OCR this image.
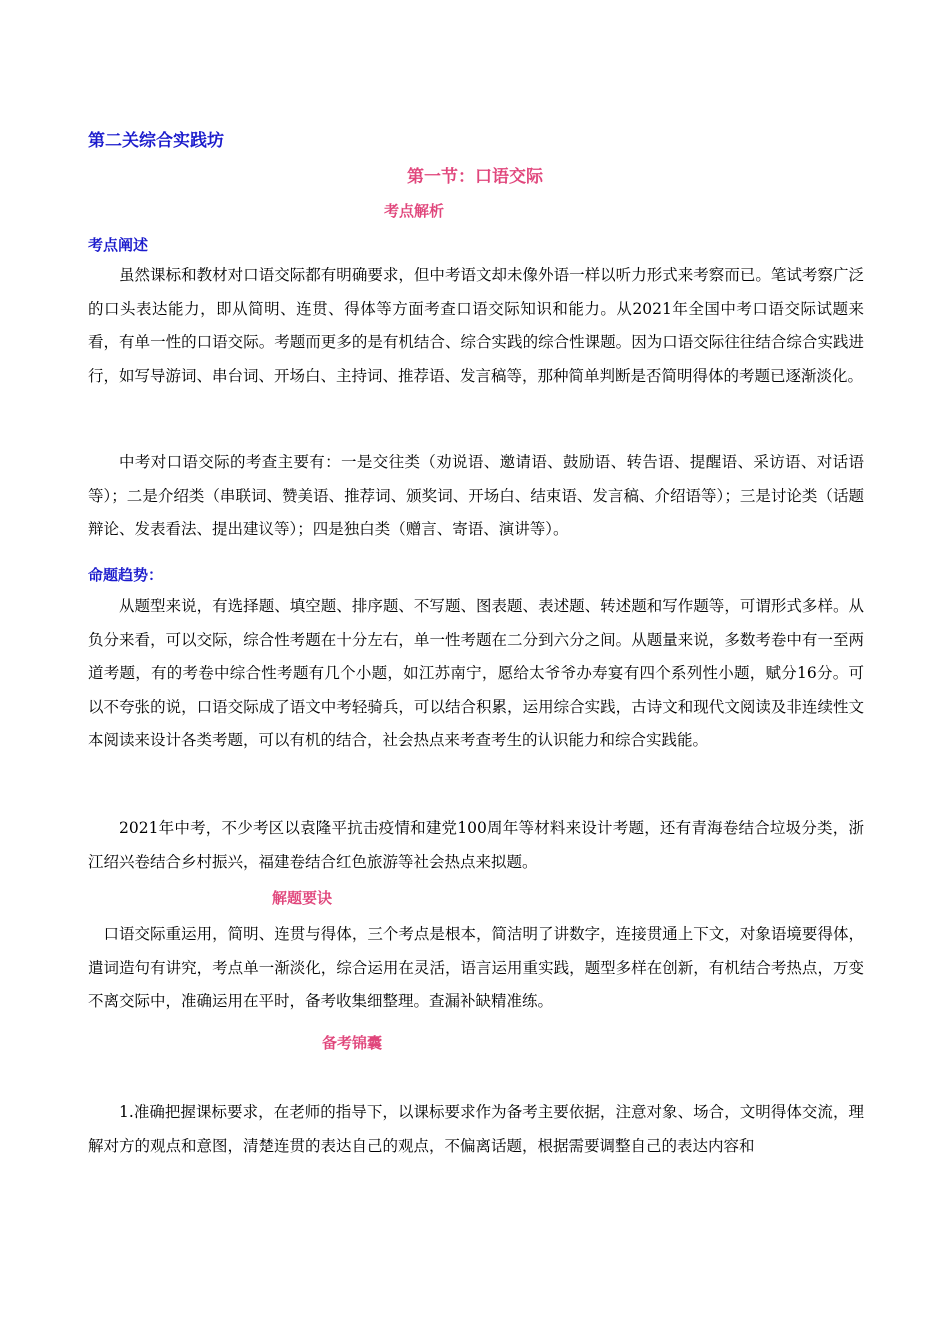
第二关综合实践坊
第一节：口语交际
考点解析
考点阐述

虽然课标和教材对口语交际都有明确要求，但中考语文却未像外语一样以听力形式来考察而已。笔试考察广泛的口头表达能力，即从简明、连贯、得体等方面考查口语交际知识和能力。从2021年全国中考口语交际试题来看，有单一性的口语交际。考题而更多的是有机结合、综合实践的综合性课题。因为口语交际往往结合综合实践进行，如写导游词、串台词、开场白、主持词、推荐语、发言稿等，那种简单判断是否简明得体的考题已逐渐淡化。

中考对口语交际的考查主要有：一是交往类（劝说语、邀请语、鼓励语、转告语、提醒语、采访语、对话语等）；二是介绍类（串联词、赞美语、推荐词、颁奖词、开场白、结束语、发言稿、介绍语等）；三是讨论类（话题辩论、发表看法、提出建议等）；四是独白类（赠言、寄语、演讲等）。

命题趋势：

从题型来说，有选择题、填空题、排序题、不写题、图表题、表述题、转述题和写作题等，可谓形式多样。从负分来看，可以交际，综合性考题在十分左右，单一性考题在二分到六分之间。从题量来说，多数考卷中有一至两道考题，有的考卷中综合性考题有几个小题，如江苏南宁，愿给太爷爷办寿宴有四个系列性小题，赋分16分。可以不夸张的说，口语交际成了语文中考轻骑兵，可以结合积累，运用综合实践，古诗文和现代文阅读及非连续性文本阅读来设计各类考题，可以有机的结合，社会热点来考查考生的认识能力和综合实践能。

2021年中考，不少考区以袁隆平抗击疫情和建党100周年等材料来设计考题，还有青海卷结合垃圾分类，浙江绍兴卷结合乡村振兴，福建卷结合红色旅游等社会热点来拟题。

解题要诀

口语交际重运用，简明、连贯与得体，三个考点是根本，简洁明了讲数字，连接贯通上下文，对象语境要得体，遣词造句有讲究，考点单一渐淡化，综合运用在灵活，语言运用重实践，题型多样在创新，有机结合考热点，万变不离交际中，准确运用在平时，备考收集细整理。查漏补缺精准练。

备考锦囊

1.准确把握课标要求，在老师的指导下，以课标要求作为备考主要依据，注意对象、场合，文明得体交流，理解对方的观点和意图，清楚连贯的表达自己的观点，不偏离话题，根据需要调整自己的表达内容和
